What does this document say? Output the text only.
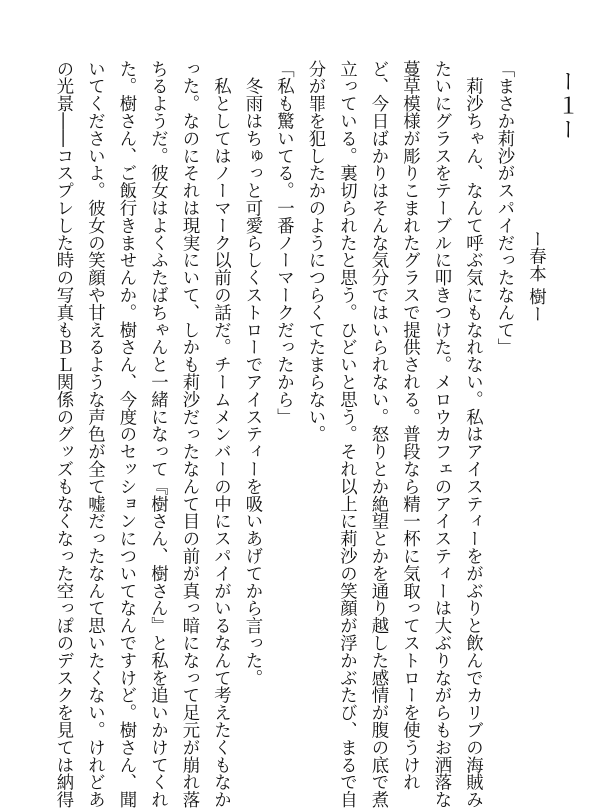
ー１ー
ー春本 樹ー
「まさか莉沙がスパイだったなんて」
　莉沙ちゃん、なんて呼ぶ気にもなれない。私はアイスティーをがぶりと飲んでカリブの海賊み
たいにグラスをテーブルに叩きつけた。メロウカフェのアイスティーは大ぶりながらもお洒落な
蔓草模様が彫りこまれたグラスで提供される。普段なら精一杯に気取ってストローを使うけれ
ど、今日ばかりはそんな気分ではいられない。怒りとか絶望とかを通り越した感情が腹の底で煮
立っている。裏切られたと思う。ひどいと思う。それ以上に莉沙の笑顔が浮かぶたび、まるで自
分が罪を犯したかのようにつらくてたまらない。
「私も驚いてる。一番ノーマークだったから」
　冬雨はちゅっと可愛らしくストローでアイスティーを吸いあげてから言った。
　私としてはノーマーク以前の話だ。チームメンバーの中にスパイがいるなんて考えたくもなか
った。なのにそれは現実にいて、しかも莉沙だったなんて目の前が真っ暗になって足元が崩れ落
ちるようだ。彼女はよくふたばちゃんと一緒になって『樹さん、樹さん』と私を追いかけてくれ
た。樹さん、ご飯行きませんか。樹さん、今度のセッションについてなんですけど。樹さん、聞
いてくださいよ。彼女の笑顔や甘えるような声色が全て嘘だったなんて思いたくない。けれどあ
の光景――コスプレした時の写真もＢＬ関係のグッズもなくなった空っぽのデスクを見ては納得
